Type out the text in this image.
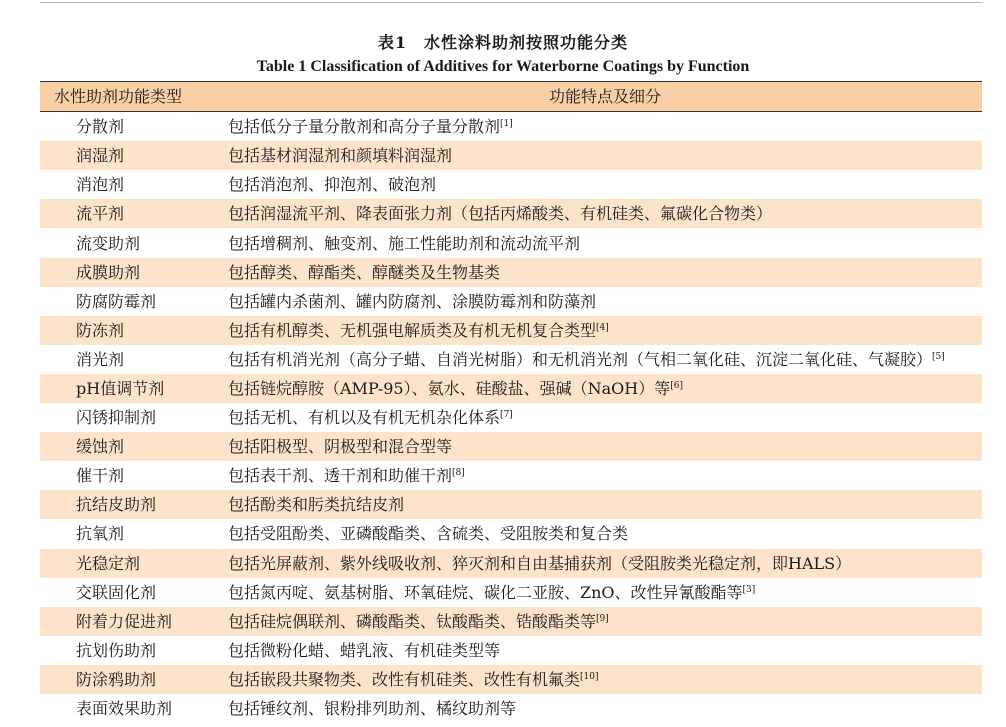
表1　水性涂料助剂按照功能分类
Table 1 Classification of Additives for Waterborne Coatings by Function
水性助剂功能类型	功能特点及细分
分散剂	包括低分子量分散剂和高分子量分散剂[1]
润湿剂	包括基材润湿剂和颜填料润湿剂
消泡剂	包括消泡剂、抑泡剂、破泡剂
流平剂	包括润湿流平剂、降表面张力剂（包括丙烯酸类、有机硅类、氟碳化合物类）
流变助剂	包括增稠剂、触变剂、施工性能助剂和流动流平剂
成膜助剂	包括醇类、醇酯类、醇醚类及生物基类
防腐防霉剂	包括罐内杀菌剂、罐内防腐剂、涂膜防霉剂和防藻剂
防冻剂	包括有机醇类、无机强电解质类及有机无机复合类型[4]
消光剂	包括有机消光剂（高分子蜡、自消光树脂）和无机消光剂（气相二氧化硅、沉淀二氧化硅、气凝胶）[5]
pH值调节剂	包括链烷醇胺（AMP-95）、氨水、硅酸盐、强碱（NaOH）等[6]
闪锈抑制剂	包括无机、有机以及有机无机杂化体系[7]
缓蚀剂	包括阳极型、阴极型和混合型等
催干剂	包括表干剂、透干剂和助催干剂[8]
抗结皮助剂	包括酚类和肟类抗结皮剂
抗氧剂	包括受阻酚类、亚磷酸酯类、含硫类、受阻胺类和复合类
光稳定剂	包括光屏蔽剂、紫外线吸收剂、猝灭剂和自由基捕获剂（受阻胺类光稳定剂，即HALS）
交联固化剂	包括氮丙啶、氨基树脂、环氧硅烷、碳化二亚胺、ZnO、改性异氰酸酯等[3]
附着力促进剂	包括硅烷偶联剂、磷酸酯类、钛酸酯类、锆酸酯类等[9]
抗划伤助剂	包括微粉化蜡、蜡乳液、有机硅类型等
防涂鸦助剂	包括嵌段共聚物类、改性有机硅类、改性有机氟类[10]
表面效果助剂	包括锤纹剂、银粉排列助剂、橘纹助剂等
